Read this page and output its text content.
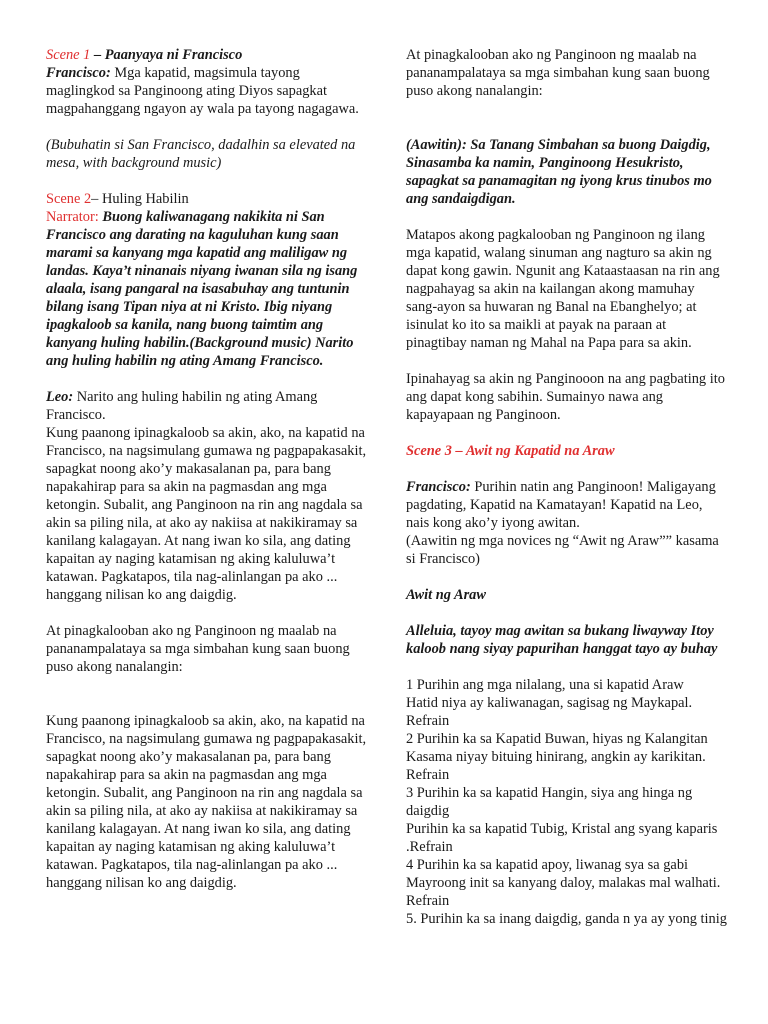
Scene 1 – Paanyaya ni Francisco

Francisco: Mga kapatid, magsimula tayong maglingkod sa Panginoong ating Diyos sapagkat magpahanggang ngayon ay wala pa tayong nagagawa.

(Bubuhatin si San Francisco, dadalhin sa elevated na mesa, with background music)

Scene 2– Huling Habilin

Narrator: Buong kaliwanagang nakikita ni San Francisco ang darating na kaguluhan kung saan marami sa kanyang mga kapatid ang maliligaw ng landas. Kaya’t ninanais niyang iwanan sila ng isang alaala, isang pangaral na isasabuhay ang tuntunin bilang isang Tipan niya at ni Kristo. Ibig niyang ipagkaloob sa kanila, nang buong taimtim ang kanyang huling habilin.(Background music) Narito ang huling habilin ng ating Amang Francisco.

Leo: Narito ang huling habilin ng ating Amang Francisco.

Kung paanong ipinagkaloob sa akin, ako, na kapatid na Francisco, na nagsimulang gumawa ng pagpapakasakit, sapagkat noong ako’y makasalanan pa, para bang napakahirap para sa akin na pagmasdan ang mga ketongin. Subalit, ang Panginoon na rin ang nagdala sa akin sa piling nila, at ako ay nakiisa at nakikiramay sa kanilang kalagayan. At nang iwan ko sila, ang dating kapaitan ay naging katamisan ng aking kaluluwa’t katawan. Pagkatapos, tila nag-alinlangan pa ako ... hanggang nilisan ko ang daigdig.

At pinagkalooban ako ng Panginoon ng maalab na pananampalataya sa mga simbahan kung saan buong puso akong nanalangin:

Kung paanong ipinagkaloob sa akin, ako, na kapatid na Francisco, na nagsimulang gumawa ng pagpapakasakit, sapagkat noong ako’y makasalanan pa, para bang napakahirap para sa akin na pagmasdan ang mga ketongin. Subalit, ang Panginoon na rin ang nagdala sa akin sa piling nila, at ako ay nakiisa at nakikiramay sa kanilang kalagayan. At nang iwan ko sila, ang dating kapaitan ay naging katamisan ng aking kaluluwa’t katawan. Pagkatapos, tila nag-alinlangan pa ako ... hanggang nilisan ko ang daigdig.

At pinagkalooban ako ng Panginoon ng maalab na pananampalataya sa mga simbahan kung saan buong puso akong nanalangin:

(Aawitin): Sa Tanang Simbahan sa buong Daigdig, Sinasamba ka namin, Panginoong Hesukristo, sapagkat sa panamagitan ng iyong krus tinubos mo ang sandaigdigan.

Matapos akong pagkalooban ng Panginoon ng ilang mga kapatid, walang sinuman ang nagturo sa akin ng dapat kong gawin. Ngunit ang Kataastaasan na rin ang nagpahayag sa akin na kailangan akong mamuhay sang-ayon sa huwaran ng Banal na Ebanghelyo; at isinulat ko ito sa maikli at payak na paraan at pinagtibay naman ng Mahal na Papa para sa akin.

Ipinahayag sa akin ng Panginooon na ang pagbating ito ang dapat kong sabihin. Sumainyo nawa ang kapayapaan ng Panginoon.

Scene 3 – Awit ng Kapatid na Araw

Francisco: Purihin natin ang Panginoon! Maligayang pagdating, Kapatid na Kamatayan! Kapatid na Leo, nais kong ako’y iyong awitan.

(Aawitin ng mga novices ng “Awit ng Araw”” kasama si Francisco)

Awit ng Araw

Alleluia, tayoy mag awitan sa bukang liwayway Itoy kaloob nang siyay papurihan hanggat tayo ay buhay

1 Purihin ang mga nilalang, una si kapatid Araw

Hatid niya ay kaliwanagan, sagisag ng Maykapal.

Refrain

2 Purihin ka sa Kapatid Buwan, hiyas ng Kalangitan

Kasama niyay bituing hinirang, angkin ay karikitan.

Refrain

3 Purihin ka sa kapatid Hangin, siya ang hinga ng daigdig

Purihin ka sa kapatid Tubig, Kristal ang syang kaparis .Refrain

4 Purihin ka sa kapatid apoy, liwanag sya sa gabi

Mayroong init sa kanyang daloy, malakas mal walhati. Refrain

5. Purihin ka sa inang daigdig, ganda n ya ay yong tinig
